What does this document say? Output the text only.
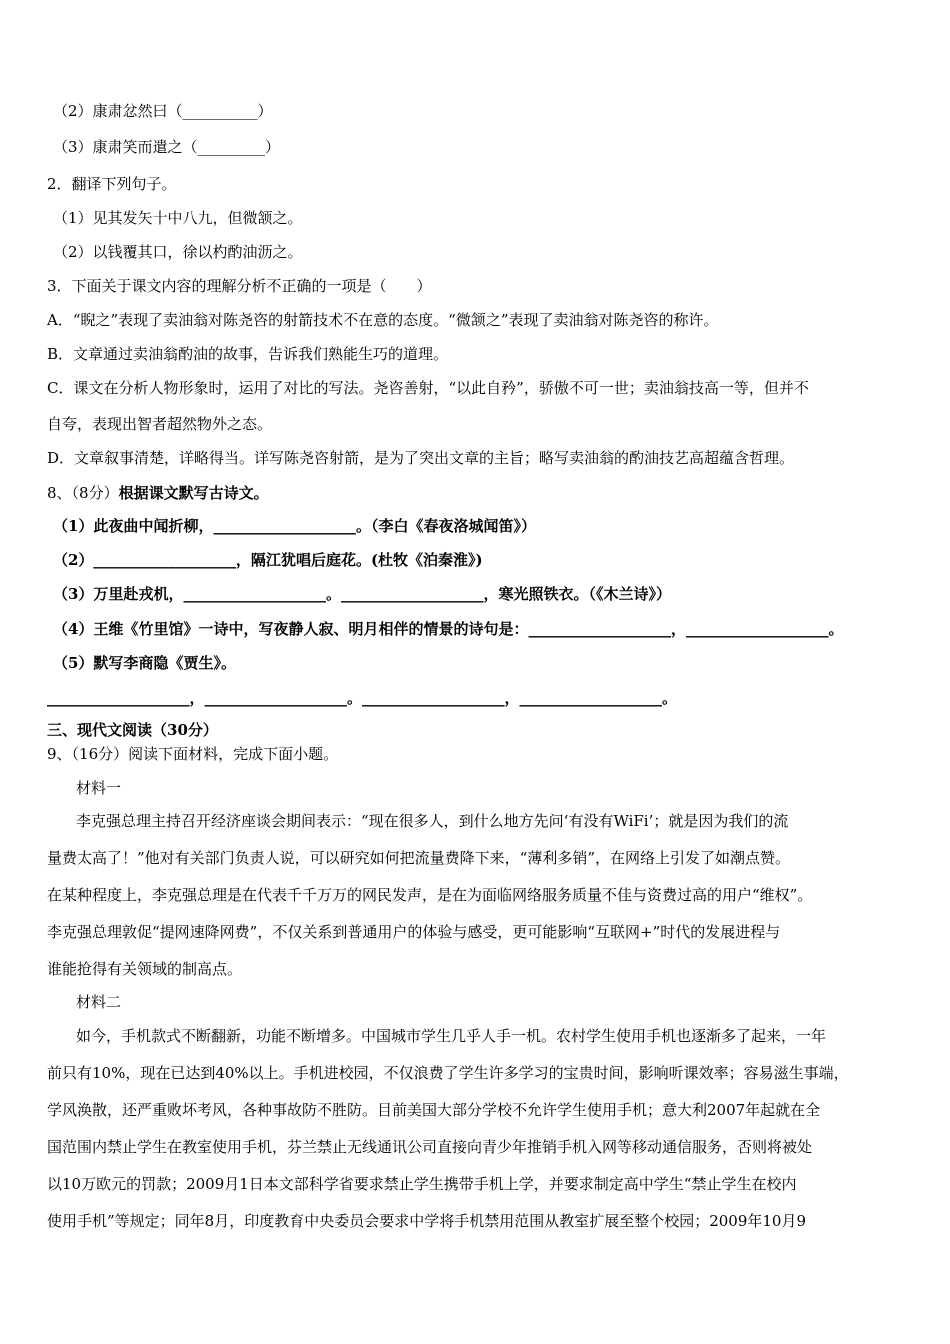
（2）康肃忿然曰（__________）
（3）康肃笑而遣之（_________）
2．翻译下列句子。
（1）见其发矢十中八九，但微颔之。
（2）以钱覆其口，徐以杓酌油沥之。
3．下面关于课文内容的理解分析不正确的一项是（　　）
A．“睨之”表现了卖油翁对陈尧咨的射箭技术不在意的态度。“微颔之”表现了卖油翁对陈尧咨的称许。
B．文章通过卖油翁酌油的故事，告诉我们熟能生巧的道理。
C．课文在分析人物形象时，运用了对比的写法。尧咨善射，“以此自矜”，骄傲不可一世；卖油翁技高一等，但并不
自夸，表现出智者超然物外之态。
D．文章叙事清楚，详略得当。详写陈尧咨射箭，是为了突出文章的主旨；略写卖油翁的酌油技艺高超蕴含哲理。
8、（8分）根据课文默写古诗文。
（1）此夜曲中闻折柳，___________________。（李白《春夜洛城闻笛》）
（2）___________________，隔江犹唱后庭花。(杜牧《泊秦淮》)
（3）万里赴戎机，___________________。___________________，寒光照铁衣。（《木兰诗》）
（4）王维《竹里馆》一诗中，写夜静人寂、明月相伴的情景的诗句是：___________________，___________________。
（5）默写李商隐《贾生》。
___________________，___________________。___________________，___________________。
三、现代文阅读（30分）
9、（16分）阅读下面材料，完成下面小题。
材料一
李克强总理主持召开经济座谈会期间表示：“现在很多人，到什么地方先问‘有没有WiFi’；就是因为我们的流
量费太高了！”他对有关部门负责人说，可以研究如何把流量费降下来，“薄利多销”，在网络上引发了如潮点赞。
在某种程度上，李克强总理是在代表千千万万的网民发声，是在为面临网络服务质量不佳与资费过高的用户“维权”。
李克强总理敦促“提网速降网费”，不仅关系到普通用户的体验与感受，更可能影响“互联网+”时代的发展进程与
谁能抢得有关领域的制高点。
材料二
如今，手机款式不断翻新，功能不断增多。中国城市学生几乎人手一机。农村学生使用手机也逐渐多了起来，一年
前只有10%，现在已达到40%以上。手机进校园，不仅浪费了学生许多学习的宝贵时间，影响听课效率；容易滋生事端，
学风涣散，还严重败坏考风，各种事故防不胜防。目前美国大部分学校不允许学生使用手机；意大利2007年起就在全
国范围内禁止学生在教室使用手机，芬兰禁止无线通讯公司直接向青少年推销手机入网等移动通信服务，否则将被处
以10万欧元的罚款；2009月1日本文部科学省要求禁止学生携带手机上学，并要求制定高中学生“禁止学生在校内
使用手机”等规定；同年8月，印度教育中央委员会要求中学将手机禁用范围从教室扩展至整个校园；2009年10月9
